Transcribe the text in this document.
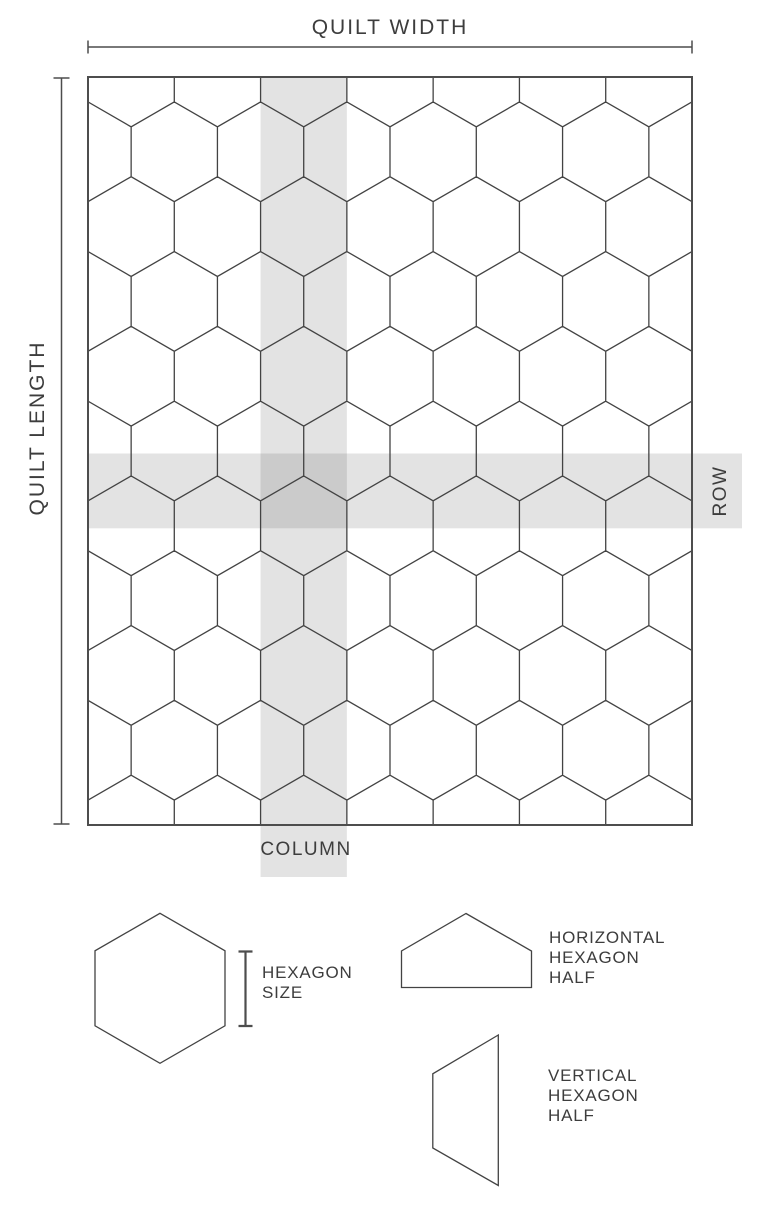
QUILT WIDTH
QUILT LENGTH	ROW
COLUMN
HEXAGON
SIZE
HORIZONTAL
HEXAGON
HALF
VERTICAL
HEXAGON
HALF
